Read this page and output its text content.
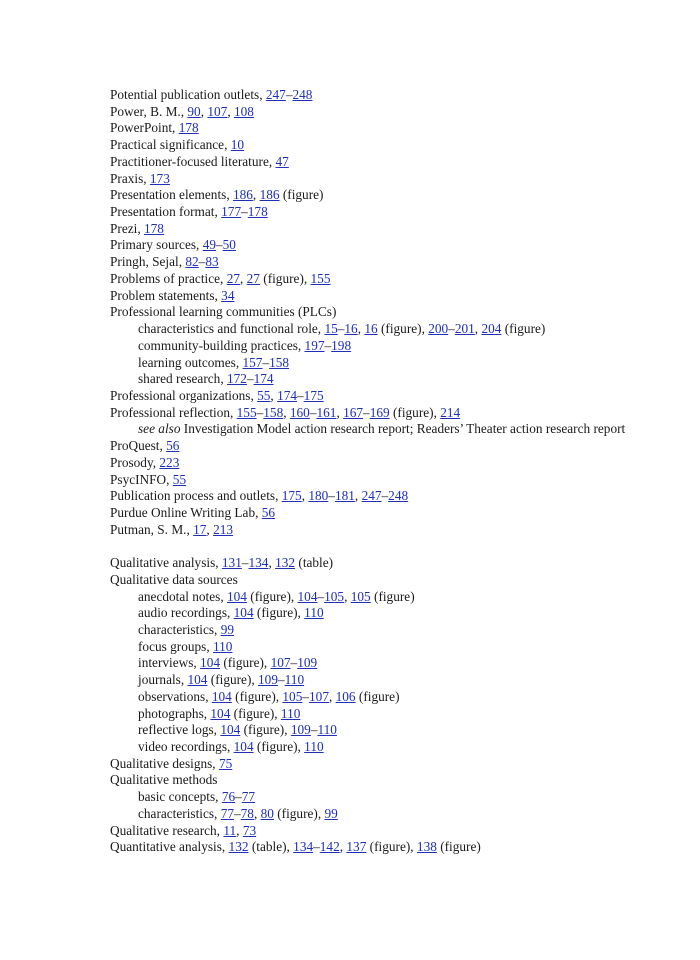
Potential publication outlets, 247–248

Power, B. M., 90, 107, 108

PowerPoint, 178

Practical significance, 10

Practitioner-focused literature, 47

Praxis, 173

Presentation elements, 186, 186 (figure)

Presentation format, 177–178

Prezi, 178

Primary sources, 49–50

Pringh, Sejal, 82–83

Problems of practice, 27, 27 (figure), 155

Problem statements, 34

Professional learning communities (PLCs)

characteristics and functional role, 15–16, 16 (figure), 200–201, 204 (figure)

community-building practices, 197–198

learning outcomes, 157–158

shared research, 172–174

Professional organizations, 55, 174–175

Professional reflection, 155–158, 160–161, 167–169 (figure), 214

see also Investigation Model action research report; Readers’ Theater action research report

ProQuest, 56

Prosody, 223

PsycINFO, 55

Publication process and outlets, 175, 180–181, 247–248

Purdue Online Writing Lab, 56

Putman, S. M., 17, 213

Qualitative analysis, 131–134, 132 (table)

Qualitative data sources

anecdotal notes, 104 (figure), 104–105, 105 (figure)

audio recordings, 104 (figure), 110

characteristics, 99

focus groups, 110

interviews, 104 (figure), 107–109

journals, 104 (figure), 109–110

observations, 104 (figure), 105–107, 106 (figure)

photographs, 104 (figure), 110

reflective logs, 104 (figure), 109–110

video recordings, 104 (figure), 110

Qualitative designs, 75

Qualitative methods

basic concepts, 76–77

characteristics, 77–78, 80 (figure), 99

Qualitative research, 11, 73

Quantitative analysis, 132 (table), 134–142, 137 (figure), 138 (figure)
